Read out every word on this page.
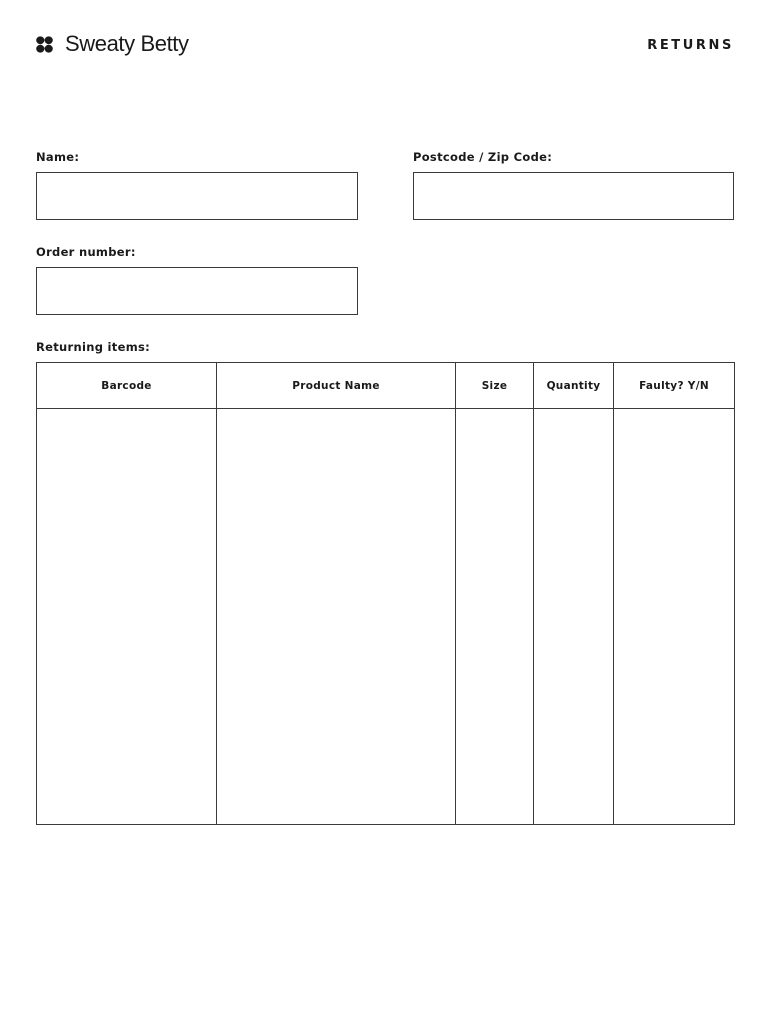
Sweaty Betty	RETURNS
Name:	Postcode / Zip Code:
Order number:
Returning items:
Barcode	Product Name	Size	Quantity	Faulty? Y/N
